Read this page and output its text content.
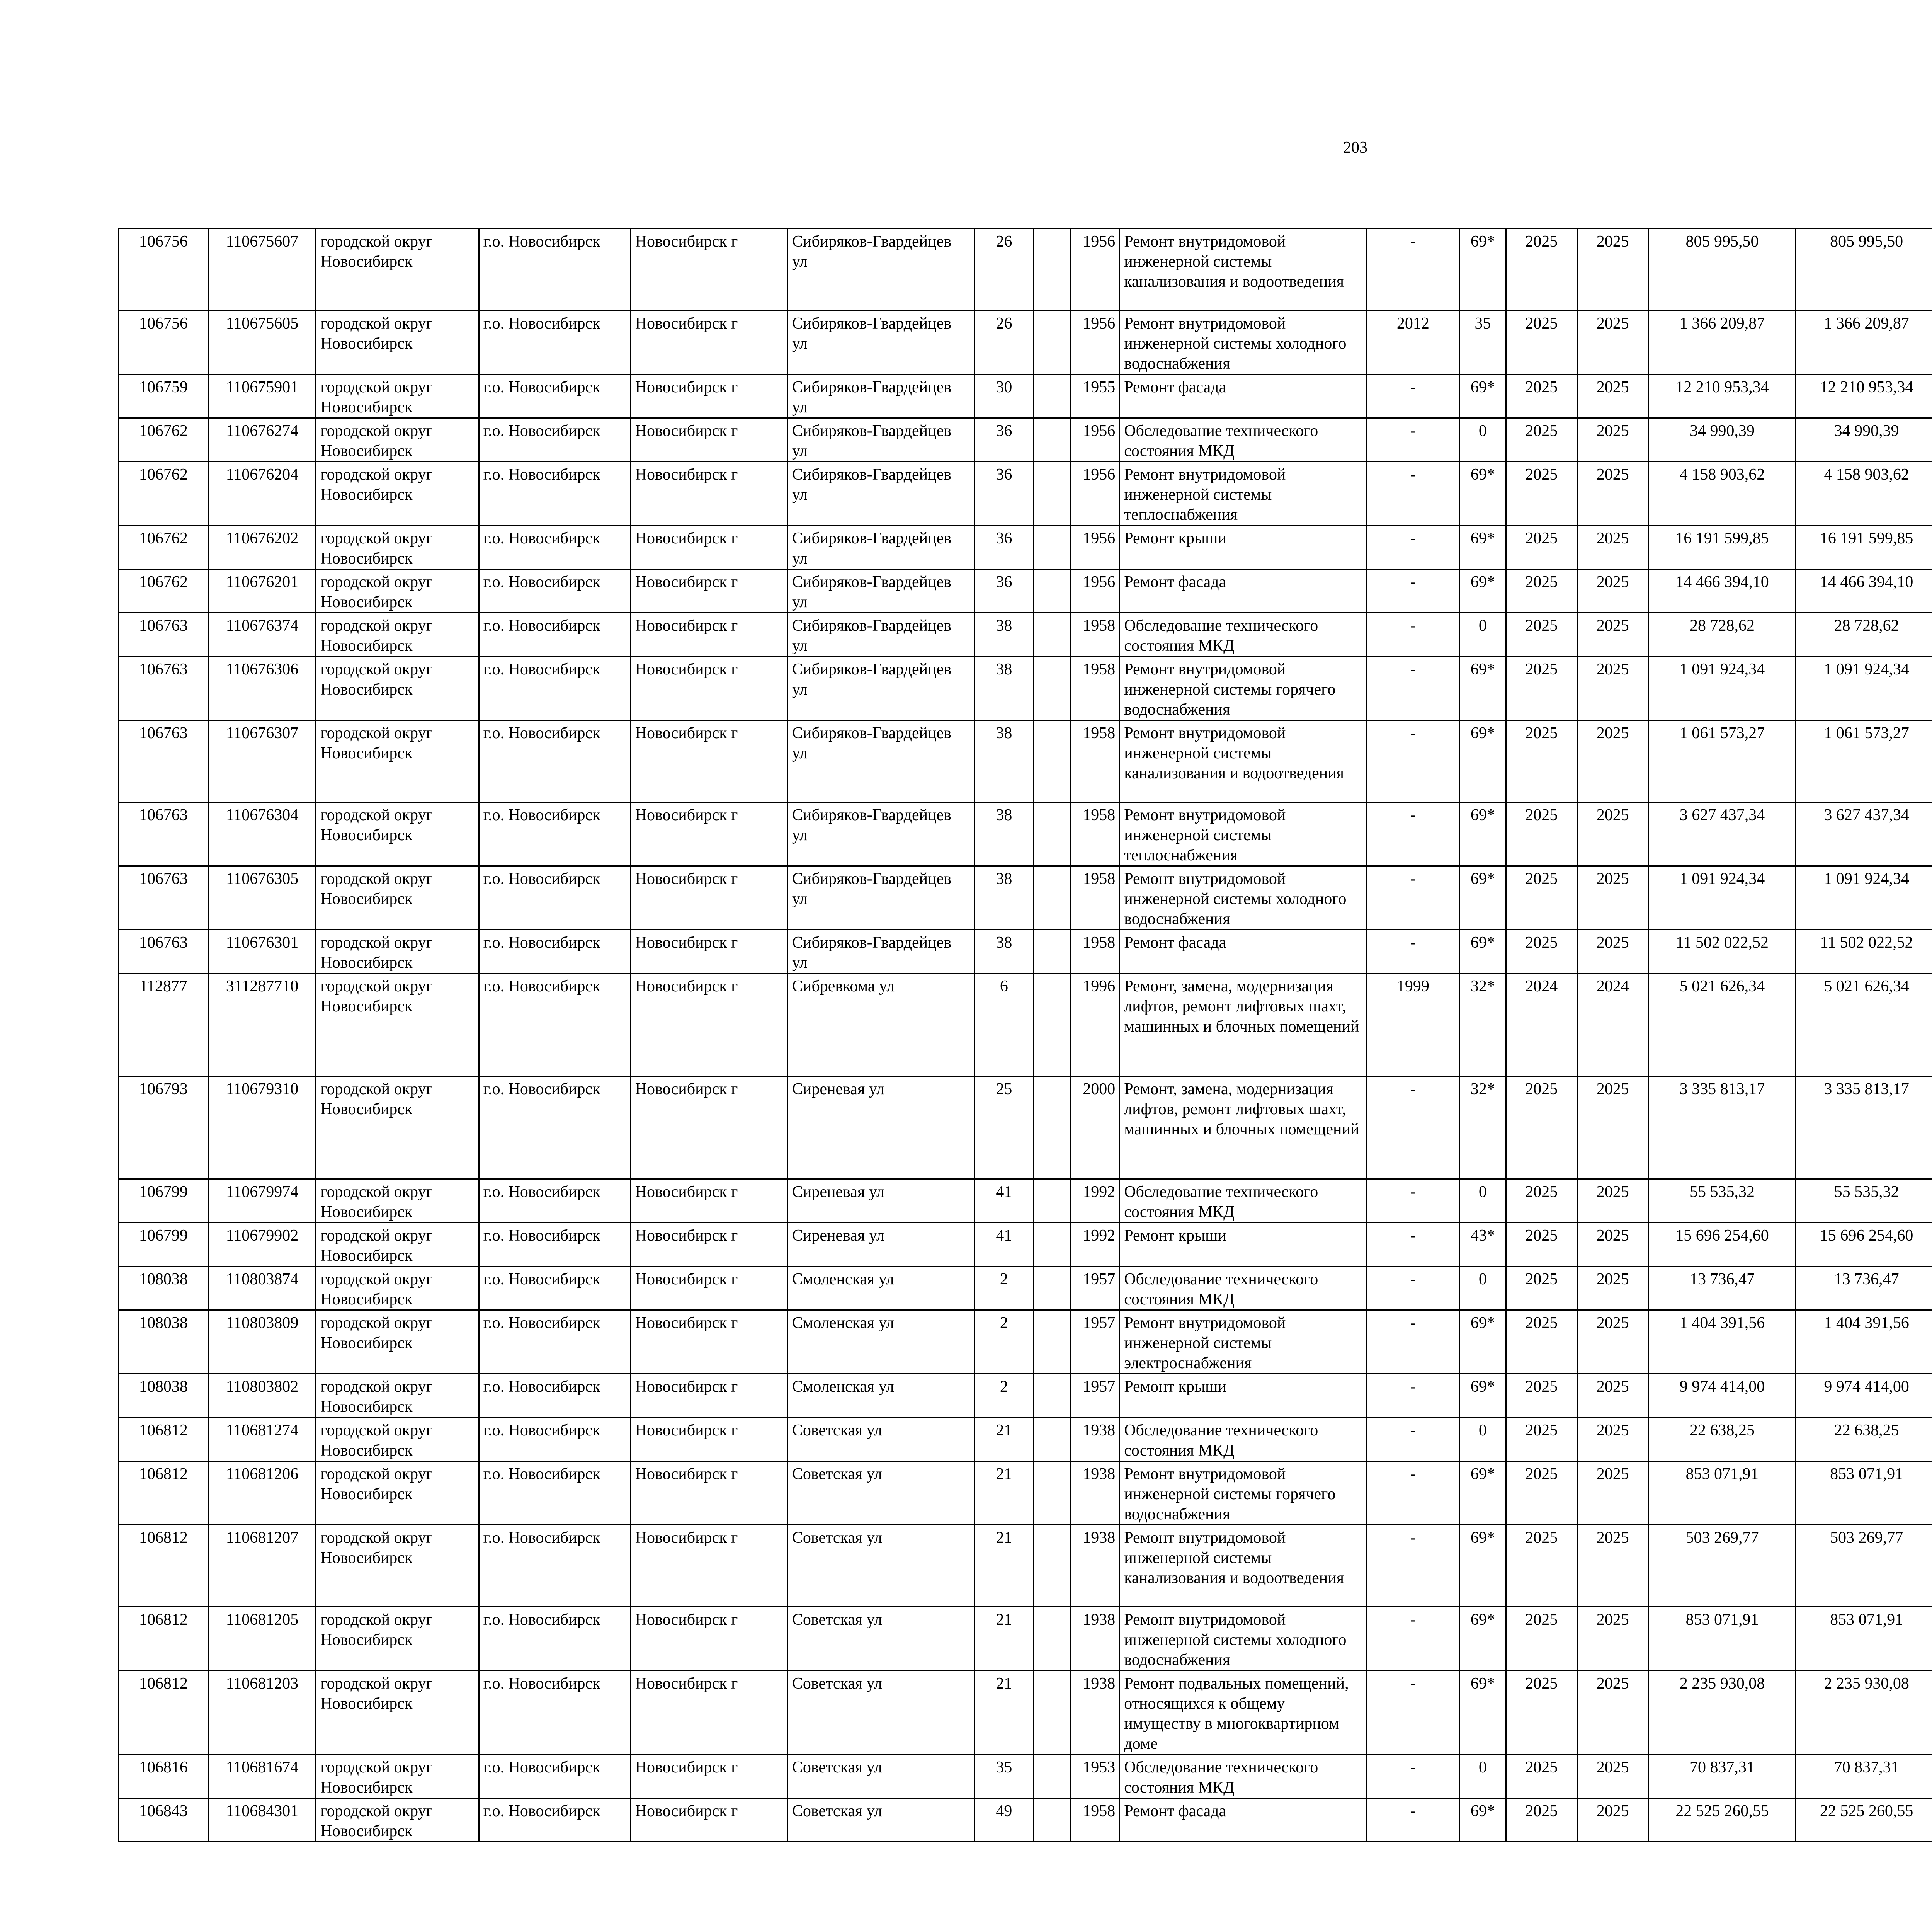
203
106756	110675607	городской округ Новосибирск	г.о. Новосибирск	Новосибирск г	Сибиряков-Гвардейцев ул	26		1956	Ремонт внутридомовой инженерной системы канализования и водоотведения	-	69*	2025	2025	805 995,50	805 995,50						
106756	110675605	городской округ Новосибирск	г.о. Новосибирск	Новосибирск г	Сибиряков-Гвардейцев ул	26		1956	Ремонт внутридомовой инженерной системы холодного водоснабжения	2012	35	2025	2025	1 366 209,87	1 366 209,87						
106759	110675901	городской округ Новосибирск	г.о. Новосибирск	Новосибирск г	Сибиряков-Гвардейцев ул	30		1955	Ремонт фасада	-	69*	2025	2025	12 210 953,34	12 210 953,34						
106762	110676274	городской округ Новосибирск	г.о. Новосибирск	Новосибирск г	Сибиряков-Гвардейцев ул	36		1956	Обследование технического состояния МКД	-	0	2025	2025	34 990,39	34 990,39						
106762	110676204	городской округ Новосибирск	г.о. Новосибирск	Новосибирск г	Сибиряков-Гвардейцев ул	36		1956	Ремонт внутридомовой инженерной системы теплоснабжения	-	69*	2025	2025	4 158 903,62	4 158 903,62						
106762	110676202	городской округ Новосибирск	г.о. Новосибирск	Новосибирск г	Сибиряков-Гвардейцев ул	36		1956	Ремонт крыши	-	69*	2025	2025	16 191 599,85	16 191 599,85						
106762	110676201	городской округ Новосибирск	г.о. Новосибирск	Новосибирск г	Сибиряков-Гвардейцев ул	36		1956	Ремонт фасада	-	69*	2025	2025	14 466 394,10	14 466 394,10						
106763	110676374	городской округ Новосибирск	г.о. Новосибирск	Новосибирск г	Сибиряков-Гвардейцев ул	38		1958	Обследование технического состояния МКД	-	0	2025	2025	28 728,62	28 728,62						
106763	110676306	городской округ Новосибирск	г.о. Новосибирск	Новосибирск г	Сибиряков-Гвардейцев ул	38		1958	Ремонт внутридомовой инженерной системы горячего водоснабжения	-	69*	2025	2025	1 091 924,34	1 091 924,34						
106763	110676307	городской округ Новосибирск	г.о. Новосибирск	Новосибирск г	Сибиряков-Гвардейцев ул	38		1958	Ремонт внутридомовой инженерной системы канализования и водоотведения	-	69*	2025	2025	1 061 573,27	1 061 573,27						
106763	110676304	городской округ Новосибирск	г.о. Новосибирск	Новосибирск г	Сибиряков-Гвардейцев ул	38		1958	Ремонт внутридомовой инженерной системы теплоснабжения	-	69*	2025	2025	3 627 437,34	3 627 437,34						
106763	110676305	городской округ Новосибирск	г.о. Новосибирск	Новосибирск г	Сибиряков-Гвардейцев ул	38		1958	Ремонт внутридомовой инженерной системы холодного водоснабжения	-	69*	2025	2025	1 091 924,34	1 091 924,34						
106763	110676301	городской округ Новосибирск	г.о. Новосибирск	Новосибирск г	Сибиряков-Гвардейцев ул	38		1958	Ремонт фасада	-	69*	2025	2025	11 502 022,52	11 502 022,52						
112877	311287710	городской округ Новосибирск	г.о. Новосибирск	Новосибирск г	Сибревкома ул	6		1996	Ремонт, замена, модернизация лифтов, ремонт лифтовых шахт, машинных и блочных помещений	1999	32*	2024	2024	5 021 626,34	5 021 626,34						
106793	110679310	городской округ Новосибирск	г.о. Новосибирск	Новосибирск г	Сиреневая ул	25		2000	Ремонт, замена, модернизация лифтов, ремонт лифтовых шахт, машинных и блочных помещений	-	32*	2025	2025	3 335 813,17	3 335 813,17						
106799	110679974	городской округ Новосибирск	г.о. Новосибирск	Новосибирск г	Сиреневая ул	41		1992	Обследование технического состояния МКД	-	0	2025	2025	55 535,32	55 535,32						
106799	110679902	городской округ Новосибирск	г.о. Новосибирск	Новосибирск г	Сиреневая ул	41		1992	Ремонт крыши	-	43*	2025	2025	15 696 254,60	15 696 254,60						
108038	110803874	городской округ Новосибирск	г.о. Новосибирск	Новосибирск г	Смоленская ул	2		1957	Обследование технического состояния МКД	-	0	2025	2025	13 736,47	13 736,47						
108038	110803809	городской округ Новосибирск	г.о. Новосибирск	Новосибирск г	Смоленская ул	2		1957	Ремонт внутридомовой инженерной системы электроснабжения	-	69*	2025	2025	1 404 391,56	1 404 391,56						
108038	110803802	городской округ Новосибирск	г.о. Новосибирск	Новосибирск г	Смоленская ул	2		1957	Ремонт крыши	-	69*	2025	2025	9 974 414,00	9 974 414,00						
106812	110681274	городской округ Новосибирск	г.о. Новосибирск	Новосибирск г	Советская ул	21		1938	Обследование технического состояния МКД	-	0	2025	2025	22 638,25	22 638,25						
106812	110681206	городской округ Новосибирск	г.о. Новосибирск	Новосибирск г	Советская ул	21		1938	Ремонт внутридомовой инженерной системы горячего водоснабжения	-	69*	2025	2025	853 071,91	853 071,91						
106812	110681207	городской округ Новосибирск	г.о. Новосибирск	Новосибирск г	Советская ул	21		1938	Ремонт внутридомовой инженерной системы канализования и водоотведения	-	69*	2025	2025	503 269,77	503 269,77						
106812	110681205	городской округ Новосибирск	г.о. Новосибирск	Новосибирск г	Советская ул	21		1938	Ремонт внутридомовой инженерной системы холодного водоснабжения	-	69*	2025	2025	853 071,91	853 071,91						
106812	110681203	городской округ Новосибирск	г.о. Новосибирск	Новосибирск г	Советская ул	21		1938	Ремонт подвальных помещений, относящихся к общему имуществу в многоквартирном доме	-	69*	2025	2025	2 235 930,08	2 235 930,08						
106816	110681674	городской округ Новосибирск	г.о. Новосибирск	Новосибирск г	Советская ул	35		1953	Обследование технического состояния МКД	-	0	2025	2025	70 837,31	70 837,31						
106843	110684301	городской округ Новосибирск	г.о. Новосибирск	Новосибирск г	Советская ул	49		1958	Ремонт фасада	-	69*	2025	2025	22 525 260,55	22 525 260,55						
